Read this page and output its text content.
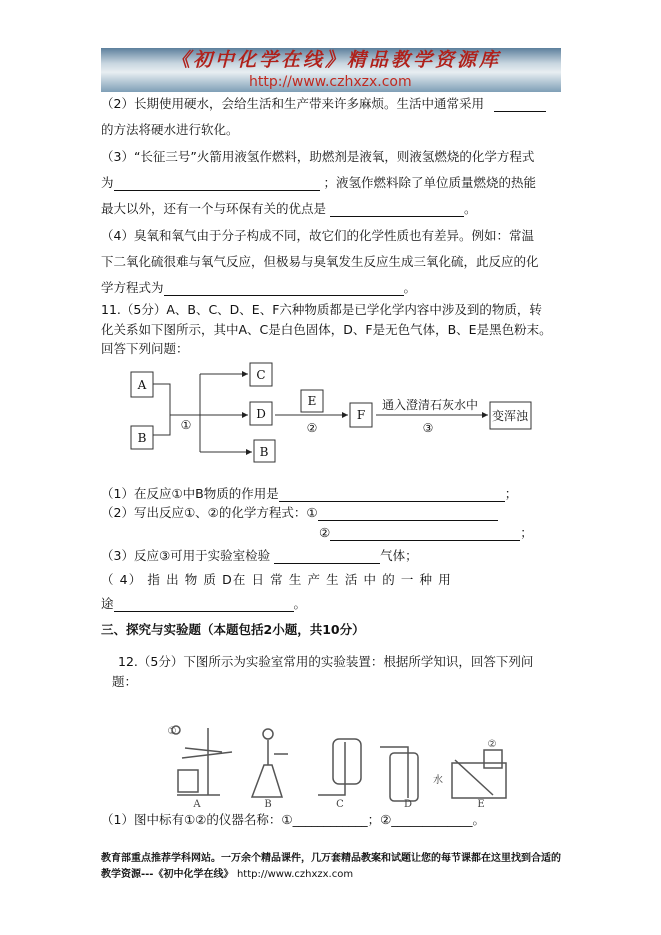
《初中化学在线》精品教学资源库
http://www.czhxzx.com
（2）长期使用硬水，会给生活和生产带来许多麻烦。生活中通常采用
的方法将硬水进行软化。
（3）“长征三号”火箭用液氢作燃料，助燃剂是液氧，则液氢燃烧的化学方程式
为	；液氢作燃料除了单位质量燃烧的热能
最大以外，还有一个与环保有关的优点是	。
（4）臭氧和氧气由于分子构成不同，故它们的化学性质也有差异。例如：常温
下二氧化硫很难与氧气反应，但极易与臭氧发生反应生成三氧化硫，此反应的化
学方程式为	。
11.（5分）A、B、C、D、E、F六种物质都是已学化学内容中涉及到的物质，转
化关系如下图所示，其中A、C是白色固体，D、F是无色气体，B、E是黑色粉末。
回答下列问题：
A
B
C
D
B
E
F	变浑浊
①	②	③
通入澄清石灰水中
（1）在反应①中B物质的作用是	；
（2）写出反应①、②的化学方程式：①
②	；
（3）反应③可用于实验室检验	气体；
（ 4） 指 出 物 质 D在 日 常 生 产 生 活 中 的 一 种 用
途	。
三、探究与实验题（本题包括2小题，共10分）
12.（5分）下图所示为实验室常用的实验装置：根据所学知识，回答下列问
题：
A	B	C	D	E
水
①
②
（1）图中标有①②的仪器名称：①____________；②_____________。
教育部重点推荐学科网站。一万余个精品课件，几万套精品教案和试题让您的每节课都在这里找到合适的
教学资源---《初中化学在线》 http://www.czhxzx.com
